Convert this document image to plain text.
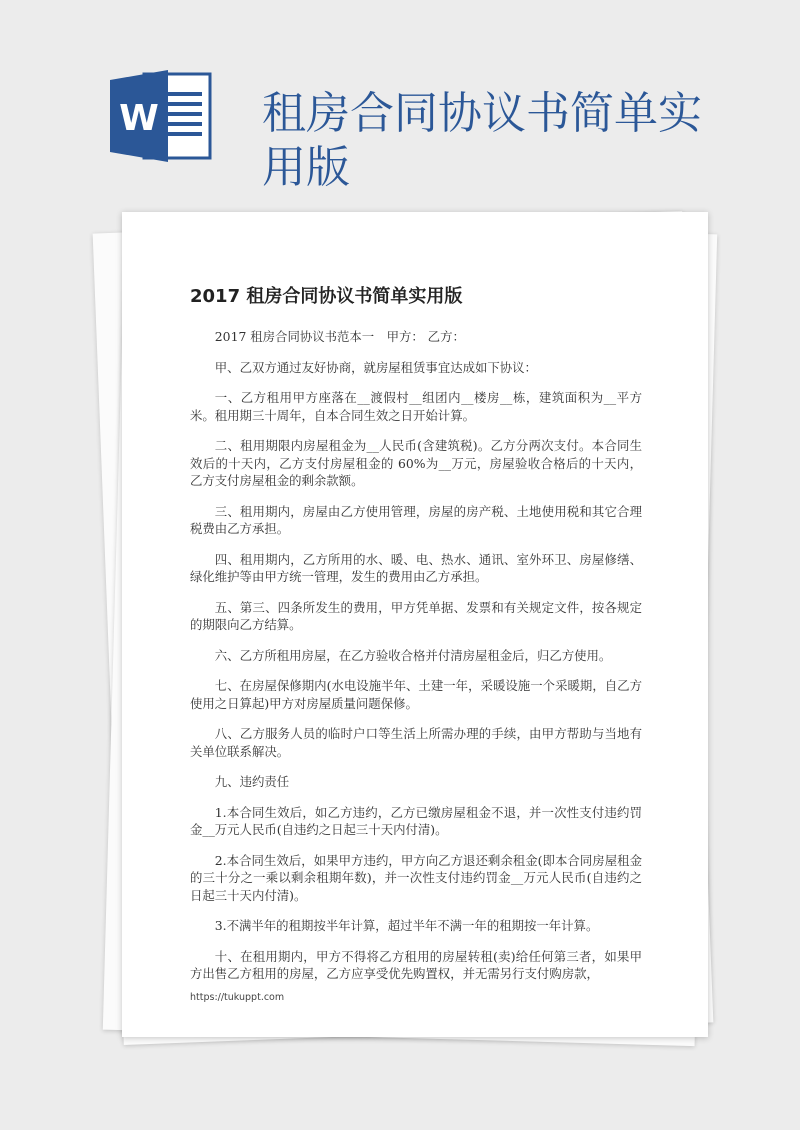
W 租房合同协议书简单实用版
2017 租房合同协议书简单实用版

2017 租房合同协议书范本一　甲方： 乙方：

甲、乙双方通过友好协商，就房屋租赁事宜达成如下协议：

一、乙方租用甲方座落在__渡假村__组团内__楼房__栋，建筑面积为__平方米。租用期三十周年，自本合同生效之日开始计算。

二、租用期限内房屋租金为__人民币(含建筑税)。乙方分两次支付。本合同生效后的十天内，乙方支付房屋租金的 60%为__万元，房屋验收合格后的十天内，乙方支付房屋租金的剩余款额。

三、租用期内，房屋由乙方使用管理，房屋的房产税、土地使用税和其它合理税费由乙方承担。

四、租用期内，乙方所用的水、暖、电、热水、通讯、室外环卫、房屋修缮、绿化维护等由甲方统一管理，发生的费用由乙方承担。

五、第三、四条所发生的费用，甲方凭单据、发票和有关规定文件，按各规定的期限向乙方结算。

六、乙方所租用房屋，在乙方验收合格并付清房屋租金后，归乙方使用。

七、在房屋保修期内(水电设施半年、土建一年，采暖设施一个采暖期，自乙方使用之日算起)甲方对房屋质量问题保修。

八、乙方服务人员的临时户口等生活上所需办理的手续，由甲方帮助与当地有关单位联系解决。

九、违约责任

1.本合同生效后，如乙方违约，乙方已缴房屋租金不退，并一次性支付违约罚金__万元人民币(自违约之日起三十天内付清)。

2.本合同生效后，如果甲方违约，甲方向乙方退还剩余租金(即本合同房屋租金的三十分之一乘以剩余租期年数)，并一次性支付违约罚金__万元人民币(自违约之日起三十天内付清)。

3.不满半年的租期按半年计算，超过半年不满一年的租期按一年计算。

十、在租用期内，甲方不得将乙方租用的房屋转租(卖)给任何第三者，如果甲方出售乙方租用的房屋，乙方应享受优先购置权，并无需另行支付购房款，

https://tukuppt.com
